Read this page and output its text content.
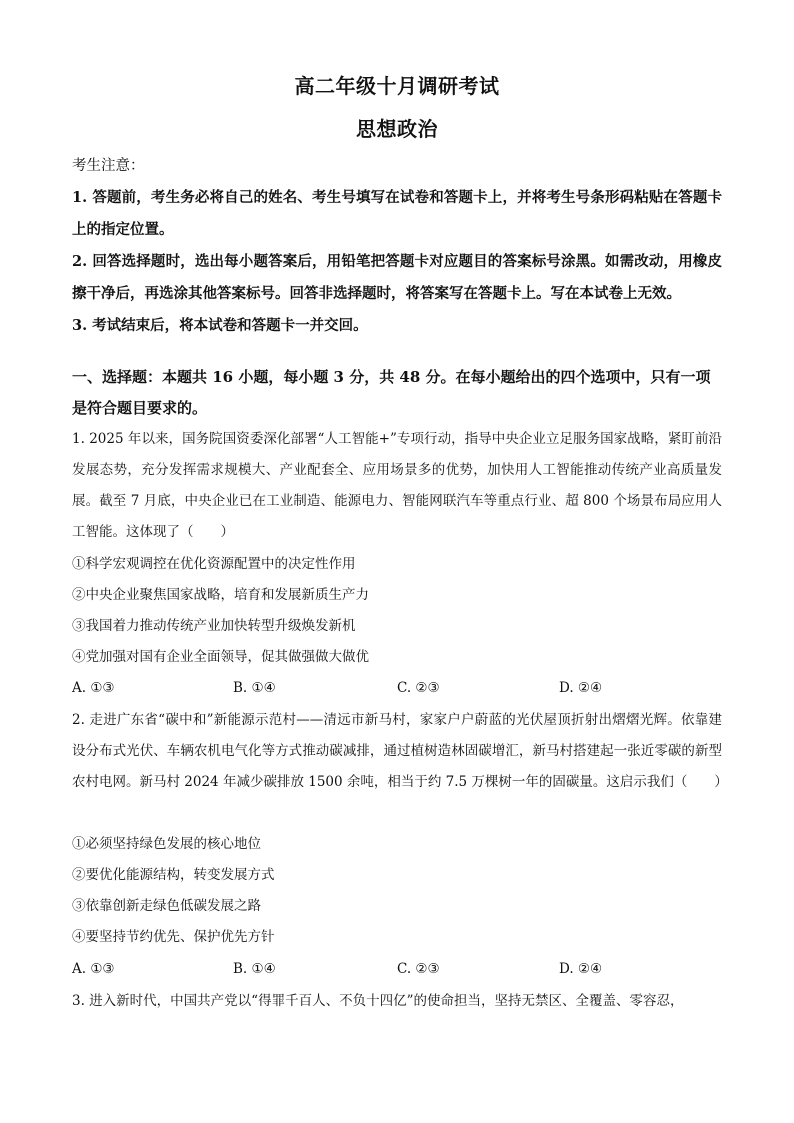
高二年级十月调研考试
思想政治

考生注意：

1. 答题前，考生务必将自己的姓名、考生号填写在试卷和答题卡上，并将考生号条形码粘贴在答题卡上的指定位置。

2. 回答选择题时，选出每小题答案后，用铅笔把答题卡对应题目的答案标号涂黑。如需改动，用橡皮擦干净后，再选涂其他答案标号。回答非选择题时，将答案写在答题卡上。写在本试卷上无效。

3. 考试结束后，将本试卷和答题卡一并交回。

一、选择题：本题共 16 小题，每小题 3 分，共 48 分。在每小题给出的四个选项中，只有一项是符合题目要求的。
1. 2025 年以来，国务院国资委深化部署“人工智能+”专项行动，指导中央企业立足服务国家战略，紧盯前沿发展态势，充分发挥需求规模大、产业配套全、应用场景多的优势，加快用人工智能推动传统产业高质量发展。截至 7 月底，中央企业已在工业制造、能源电力、智能网联汽车等重点行业、超 800 个场景布局应用人工智能。这体现了（　　）
①科学宏观调控在优化资源配置中的决定性作用
②中央企业聚焦国家战略，培育和发展新质生产力
③我国着力推动传统产业加快转型升级焕发新机
④党加强对国有企业全面领导，促其做强做大做优
A. ①③	B. ①④	C. ②③	D. ②④
2. 走进广东省“碳中和”新能源示范村——清远市新马村，家家户户蔚蓝的光伏屋顶折射出熠熠光辉。依靠建设分布式光伏、车辆农机电气化等方式推动碳减排，通过植树造林固碳增汇，新马村搭建起一张近零碳的新型农村电网。新马村 2024 年减少碳排放 1500 余吨，相当于约 7.5 万棵树一年的固碳量。这启示我们（　　）
①必须坚持绿色发展的核心地位
②要优化能源结构，转变发展方式
③依靠创新走绿色低碳发展之路
④要坚持节约优先、保护优先方针
A. ①③	B. ①④	C. ②③	D. ②④
3. 进入新时代，中国共产党以“得罪千百人、不负十四亿”的使命担当，坚持无禁区、全覆盖、零容忍，
